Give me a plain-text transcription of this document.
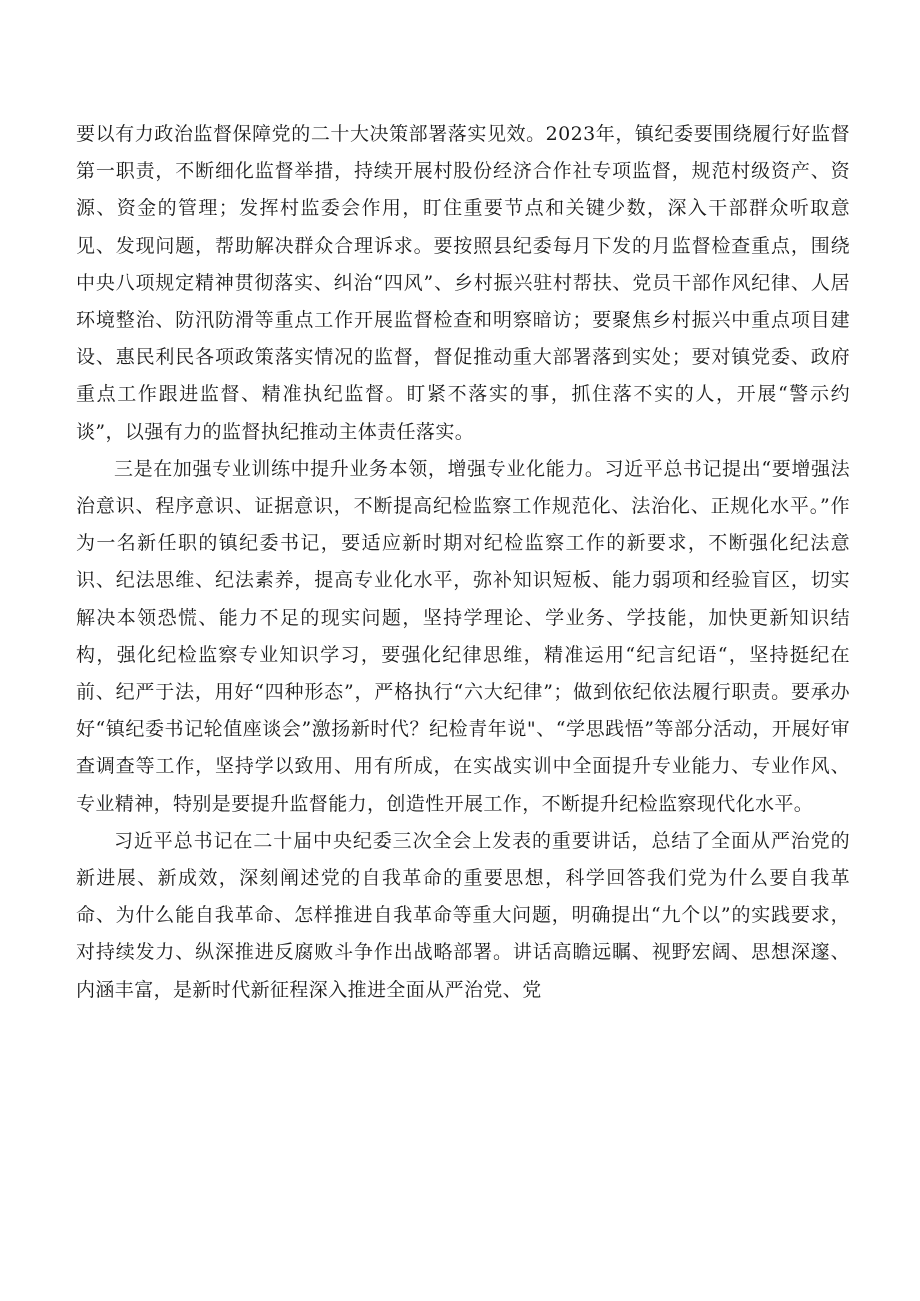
要以有力政治监督保障党的二十大决策部署落实见效。2023年，镇纪委要围绕履行好监督第一职责，不断细化监督举措，持续开展村股份经济合作社专项监督，规范村级资产、资源、资金的管理；发挥村监委会作用，盯住重要节点和关键少数，深入干部群众听取意见、发现问题，帮助解决群众合理诉求。要按照县纪委每月下发的月监督检查重点，围绕中央八项规定精神贯彻落实、纠治“四风”、乡村振兴驻村帮扶、党员干部作风纪律、人居环境整治、防汛防滑等重点工作开展监督检查和明察暗访；要聚焦乡村振兴中重点项目建设、惠民利民各项政策落实情况的监督，督促推动重大部署落到实处；要对镇党委、政府重点工作跟进监督、精准执纪监督。盯紧不落实的事，抓住落不实的人，开展“警示约谈”，以强有力的监督执纪推动主体责任落实。

三是在加强专业训练中提升业务本领，增强专业化能力。习近平总书记提出“要增强法治意识、程序意识、证据意识，不断提高纪检监察工作规范化、法治化、正规化水平。”作为一名新任职的镇纪委书记，要适应新时期对纪检监察工作的新要求，不断强化纪法意识、纪法思维、纪法素养，提高专业化水平，弥补知识短板、能力弱项和经验盲区，切实解决本领恐慌、能力不足的现实问题，坚持学理论、学业务、学技能，加快更新知识结构，强化纪检监察专业知识学习，要强化纪律思维，精准运用“纪言纪语“，坚持挺纪在前、纪严于法，用好“四种形态”，严格执行“六大纪律”；做到依纪依法履行职责。要承办好“镇纪委书记轮值座谈会”激扬新时代？纪检青年说"、“学思践悟”等部分活动，开展好审查调查等工作，坚持学以致用、用有所成，在实战实训中全面提升专业能力、专业作风、专业精神，特别是要提升监督能力，创造性开展工作，不断提升纪检监察现代化水平。

习近平总书记在二十届中央纪委三次全会上发表的重要讲话，总结了全面从严治党的新进展、新成效，深刻阐述党的自我革命的重要思想，科学回答我们党为什么要自我革命、为什么能自我革命、怎样推进自我革命等重大问题，明确提出“九个以”的实践要求，对持续发力、纵深推进反腐败斗争作出战略部署。讲话高瞻远瞩、视野宏阔、思想深邃、内涵丰富，是新时代新征程深入推进全面从严治党、党
